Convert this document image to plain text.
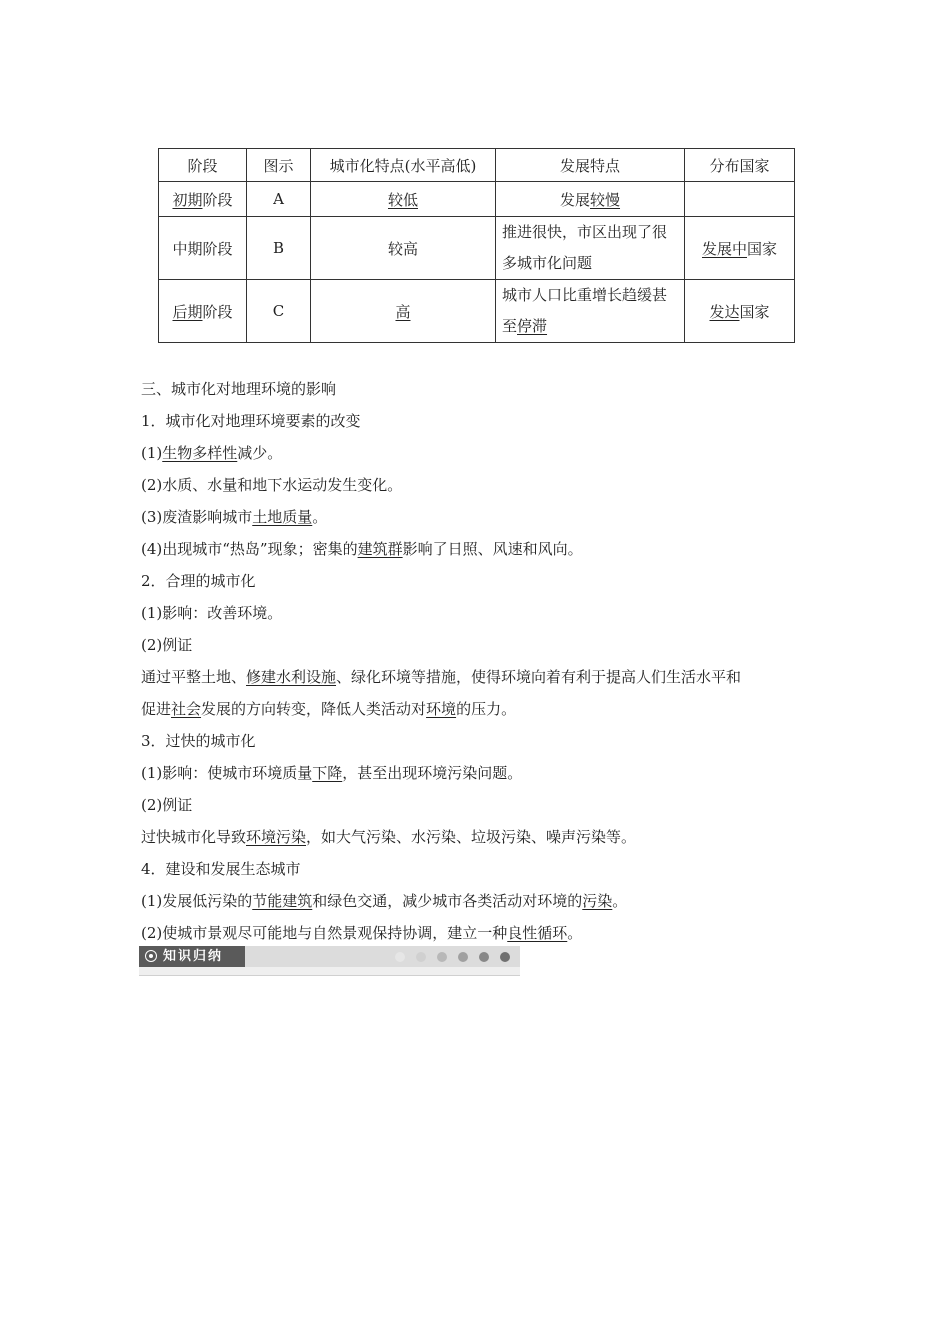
阶段	图示	城市化特点(水平高低)	发展特点	分布国家
初期阶段	A	较低	发展较慢	
中期阶段	B	较高	推进很快，市区出现了很多城市化问题	发展中国家
后期阶段	C	高	城市人口比重增长趋缓甚至停滞	发达国家
三、城市化对地理环境的影响
1．城市化对地理环境要素的改变
(1)生物多样性减少。
(2)水质、水量和地下水运动发生变化。
(3)废渣影响城市土地质量。
(4)出现城市“热岛”现象；密集的建筑群影响了日照、风速和风向。
2．合理的城市化
(1)影响：改善环境。
(2)例证
通过平整土地、修建水利设施、绿化环境等措施，使得环境向着有利于提高人们生活水平和
促进社会发展的方向转变，降低人类活动对环境的压力。
3．过快的城市化
(1)影响：使城市环境质量下降，甚至出现环境污染问题。
(2)例证
过快城市化导致环境污染，如大气污染、水污染、垃圾污染、噪声污染等。
4．建设和发展生态城市
(1)发展低污染的节能建筑和绿色交通，减少城市各类活动对环境的污染。
(2)使城市景观尽可能地与自然景观保持协调，建立一种良性循环。
知识归纳
